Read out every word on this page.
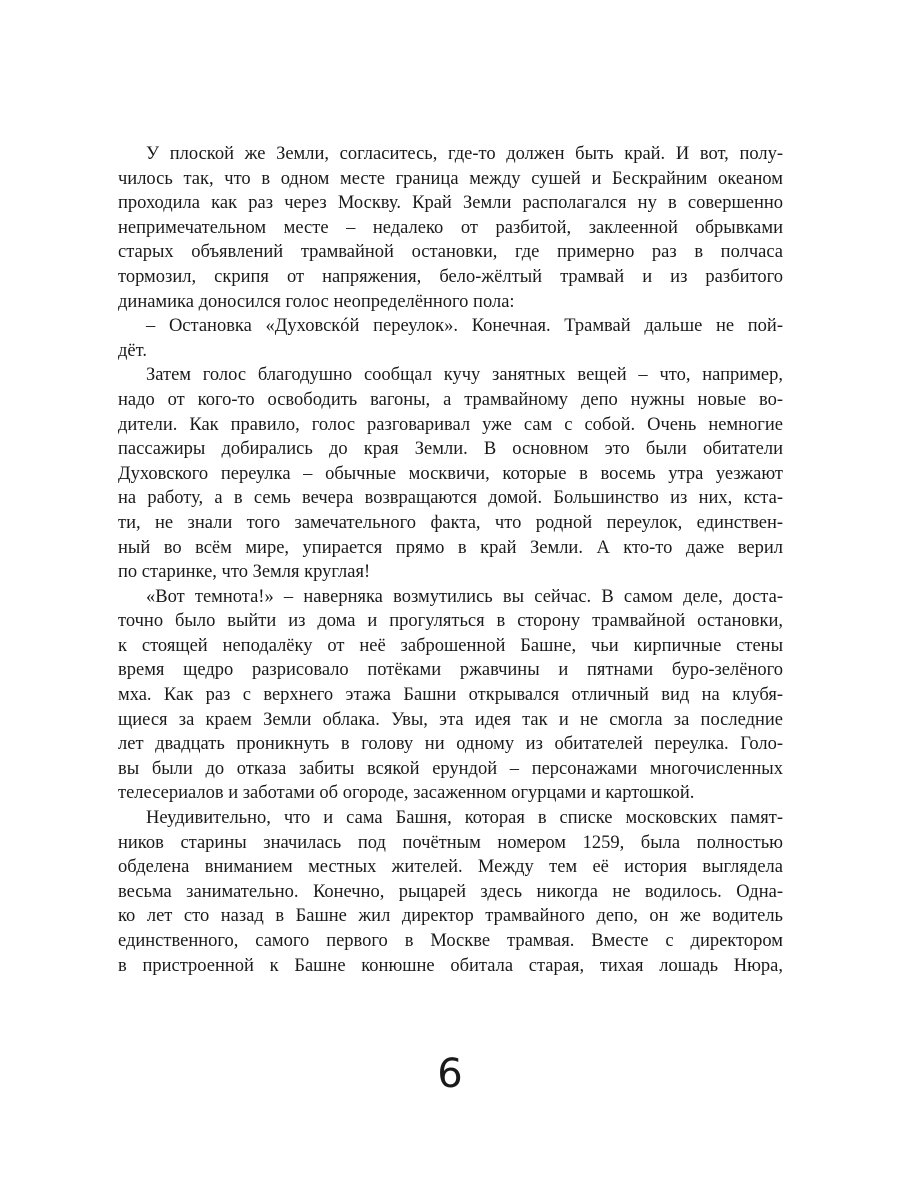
У плоской же Земли, согласитесь, где-то должен быть край. И вот, полу-
чилось так, что в одном месте граница между сушей и Бескрайним океаном
проходила как раз через Москву. Край Земли располагался ну в совершенно
непримечательном месте – недалеко от разбитой, заклеенной обрывками
старых объявлений трамвайной остановки, где примерно раз в полчаса
тормозил, скрипя от напряжения, бело-жёлтый трамвай и из разбитого
динамика доносился голос неопределённого пола:
– Остановка «Духовскóй переулок». Конечная. Трамвай дальше не пой-
дёт.
Затем голос благодушно сообщал кучу занятных вещей – что, например,
надо от кого-то освободить вагоны, а трамвайному депо нужны новые во-
дители. Как правило, голос разговаривал уже сам с собой. Очень немногие
пассажиры добирались до края Земли. В основном это были обитатели
Духовского переулка – обычные москвичи, которые в восемь утра уезжают
на работу, а в семь вечера возвращаются домой. Большинство из них, кста-
ти, не знали того замечательного факта, что родной переулок, единствен-
ный во всём мире, упирается прямо в край Земли. А кто-то даже верил
по старинке, что Земля круглая!
«Вот темнота!» – наверняка возмутились вы сейчас. В самом деле, доста-
точно было выйти из дома и прогуляться в сторону трамвайной остановки,
к стоящей неподалёку от неё заброшенной Башне, чьи кирпичные стены
время щедро разрисовало потёками ржавчины и пятнами буро-зелёного
мха. Как раз с верхнего этажа Башни открывался отличный вид на клубя-
щиеся за краем Земли облака. Увы, эта идея так и не смогла за последние
лет двадцать проникнуть в голову ни одному из обитателей переулка. Голо-
вы были до отказа забиты всякой ерундой – персонажами многочисленных
телесериалов и заботами об огороде, засаженном огурцами и картошкой.
Неудивительно, что и сама Башня, которая в списке московских памят-
ников старины значилась под почётным номером 1259, была полностью
обделена вниманием местных жителей. Между тем её история выглядела
весьма занимательно. Конечно, рыцарей здесь никогда не водилось. Одна-
ко лет сто назад в Башне жил директор трамвайного депо, он же водитель
единственного, самого первого в Москве трамвая. Вместе с директором
в пристроенной к Башне конюшне обитала старая, тихая лошадь Нюра,
6
